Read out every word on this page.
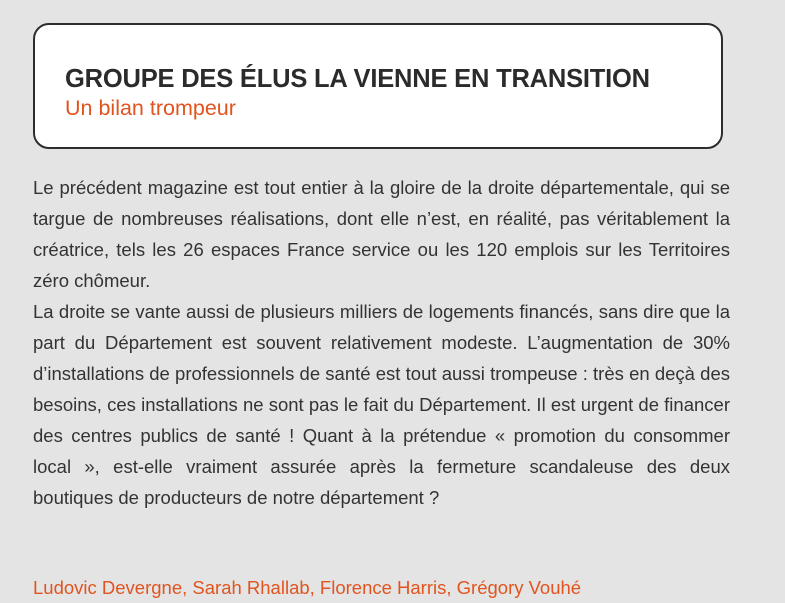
GROUPE DES ÉLUS LA VIENNE EN TRANSITION
Un bilan trompeur

Le précédent magazine est tout entier à la gloire de la droite départementale, qui se targue de nombreuses réalisations, dont elle n’est, en réalité, pas véritablement la créatrice, tels les 26 espaces France service ou les 120 emplois sur les Territoires zéro chômeur.

La droite se vante aussi de plusieurs milliers de logements financés, sans dire que la part du Département est souvent relativement modeste. L’augmentation de 30% d’installations de professionnels de santé est tout aussi trompeuse : très en deçà des besoins, ces installations ne sont pas le fait du Département. Il est urgent de financer des centres publics de santé ! Quant à la prétendue « promotion du consommer local », est-elle vraiment assurée après la fermeture scandaleuse des deux boutiques de producteurs de notre département ?

Ludovic Devergne, Sarah Rhallab, Florence Harris, Grégory Vouhé
